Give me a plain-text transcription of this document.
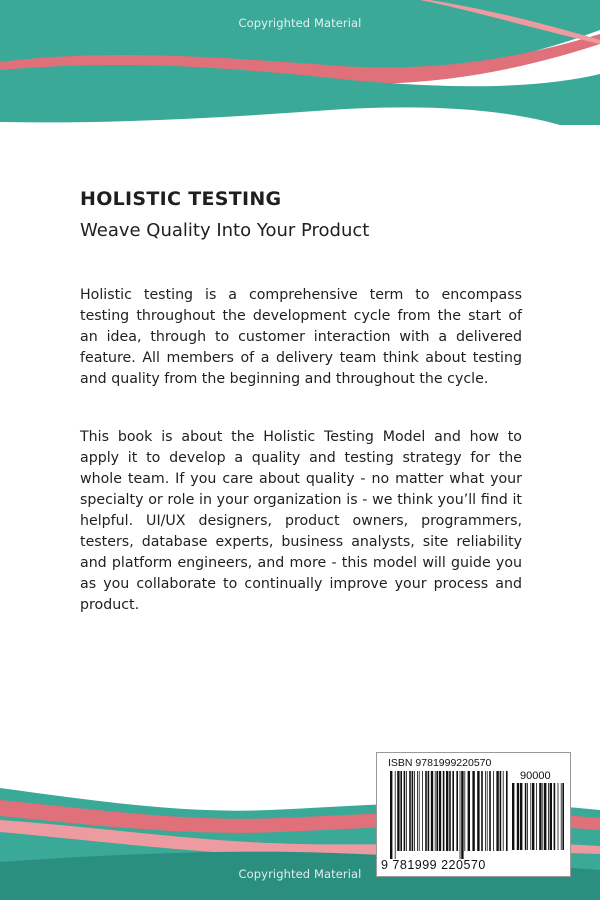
Copyrighted Material
HOLISTIC TESTING
Weave Quality Into Your Product

Holistic testing is a comprehensive term to encompass testing throughout the development cycle from the start of an idea, through to customer interaction with a delivered feature. All members of a delivery team think about testing and quality from the beginning and throughout the cycle.

This book is about the Holistic Testing Model and how to apply it to develop a quality and testing strategy for the whole team. If you care about quality - no matter what your specialty or role in your organization is - we think you’ll find it helpful. UI/UX designers, product owners, programmers, testers, database experts, business analysts, site reliability and platform engineers, and more - this model will guide you as you collaborate to continually improve your process and product.

Copyrighted Material
ISBN 9781999220570
90000
9 781999 220570
